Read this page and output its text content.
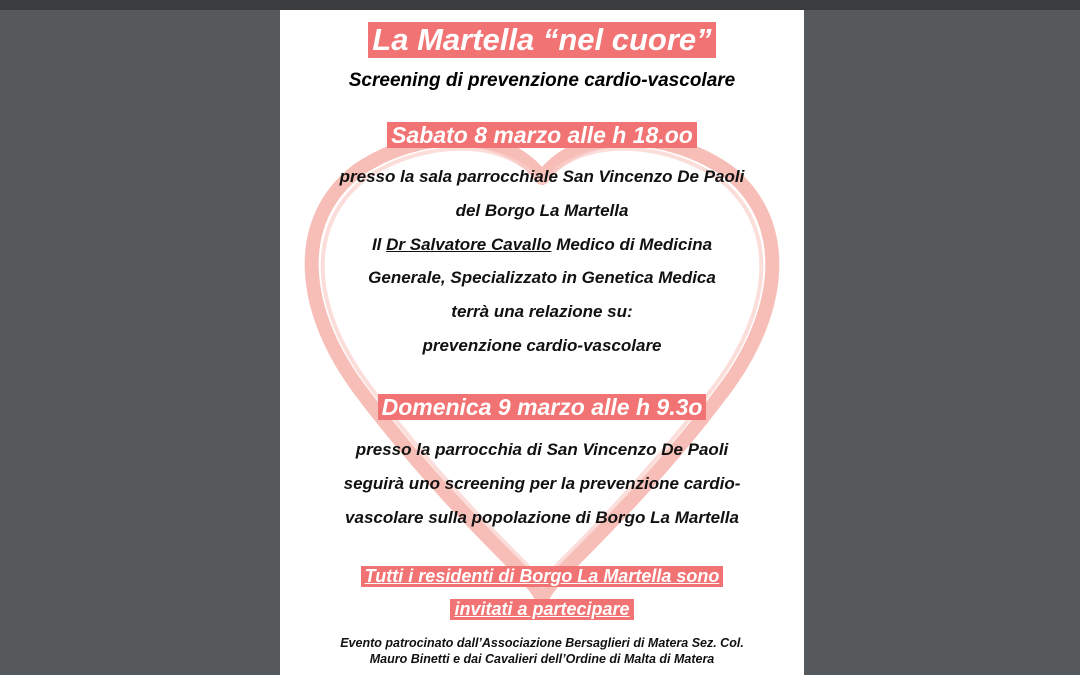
La Martella “nel cuore”
Screening di prevenzione cardio-vascolare
Sabato 8 marzo alle h 18.oo
presso la sala parrocchiale San Vincenzo De Paoli
del Borgo La Martella
Il Dr Salvatore Cavallo Medico di Medicina
Generale, Specializzato in Genetica Medica
terrà una relazione su:
prevenzione cardio-vascolare
Domenica 9 marzo alle h 9.3o
presso la parrocchia di San Vincenzo De Paoli
seguirà uno screening per la prevenzione cardio-
vascolare sulla popolazione di Borgo La Martella
Tutti i residenti di Borgo La Martella sono
invitati a partecipare
Evento patrocinato dall’Associazione Bersaglieri di Matera Sez. Col.
Mauro Binetti e dai Cavalieri dell’Ordine di Malta di Matera
